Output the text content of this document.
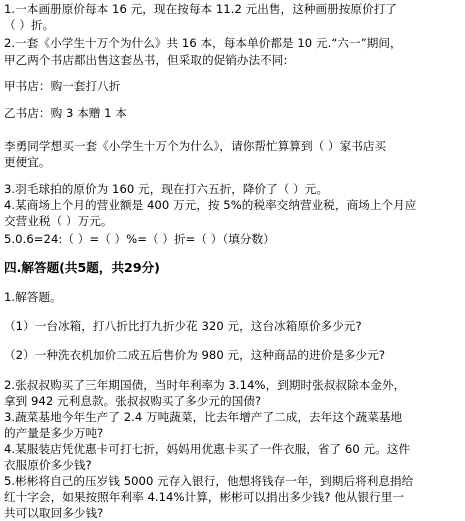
1.一本画册原价每本 16 元，现在按每本 11.2 元出售，这种画册按原价打了
（ ）折。
2.一套《小学生十万个为什么》共 16 本，每本单价都是 10 元.“六一”期间，
甲乙两个书店都出售这套丛书，但采取的促销办法不同:
甲书店：购一套打八折
乙书店：购 3 本赠 1 本
李勇同学想买一套《小学生十万个为什么》，请你帮忙算算到（ ）家书店买
更便宜。
3.羽毛球拍的原价为 160 元，现在打六五折，降价了（ ）元。
4.某商场上个月的营业额是 400 万元，按 5%的税率交纳营业税，商场上个月应
交营业税（ ）万元。
5.0.6=24:（ ）=（ ）%=（ ）折=（ ）（填分数）
四.解答题(共5题，共29分)
1.解答题。
（1）一台冰箱，打八折比打九折少花 320 元，这台冰箱原价多少元?
（2）一种洗衣机加价二成五后售价为 980 元，这种商品的进价是多少元?
2.张叔叔购买了三年期国债，当时年利率为 3.14%，到期时张叔叔除本金外，
拿到 942 元利息款。张叔叔购买了多少元的国债?
3.蔬菜基地今年生产了 2.4 万吨蔬菜，比去年增产了二成，去年这个蔬菜基地
的产量是多少万吨?
4.某服装店凭优惠卡可打七折，妈妈用优惠卡买了一件衣服，省了 60 元。这件
衣服原价多少钱?
5.彬彬将自己的压岁钱 5000 元存入银行，他想将钱存一年，到期后将利息捐给
红十字会，如果按照年利率 4.14%计算，彬彬可以捐出多少钱? 他从银行里一
共可以取回多少钱?
